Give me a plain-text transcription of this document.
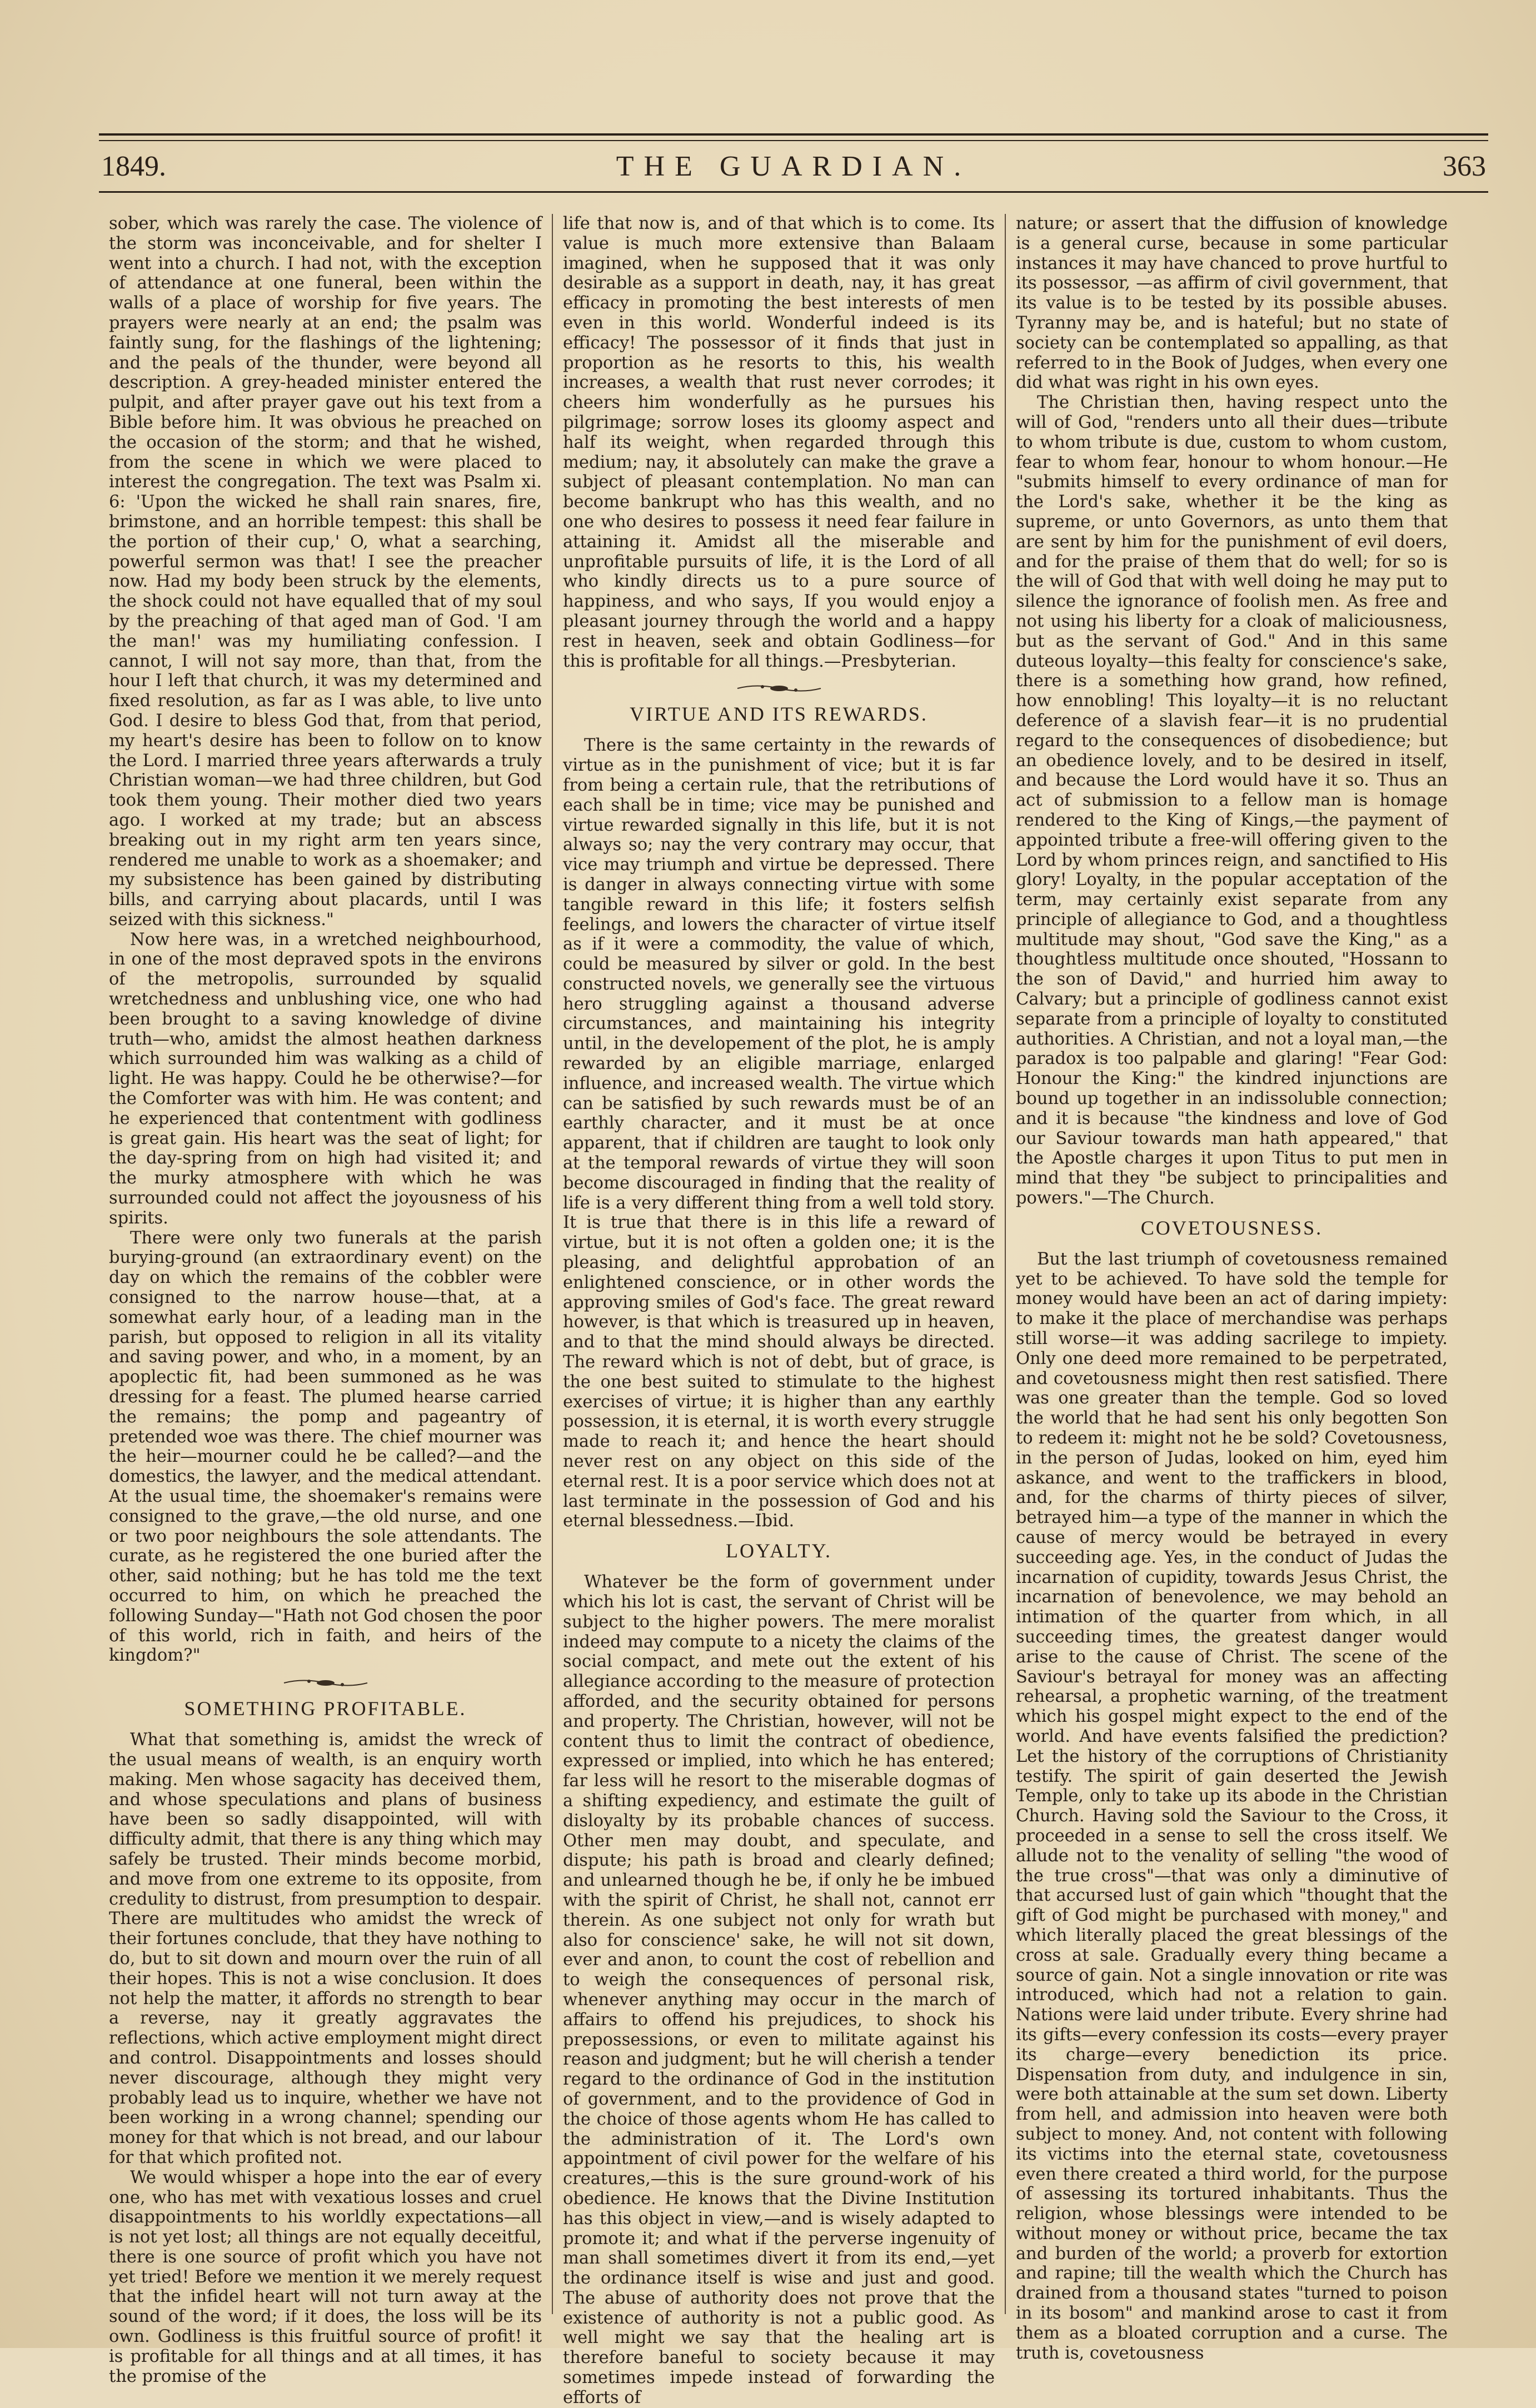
1849.	THE GUARDIAN.	363

sober, which was rarely the case. The violence of the storm was inconceivable, and for shelter I went into a church. I had not, with the exception of attendance at one funeral, been within the walls of a place of worship for five years. The prayers were nearly at an end; the psalm was faintly sung, for the flashings of the lightening; and the peals of the thunder, were beyond all description. A grey-headed minister entered the pulpit, and after prayer gave out his text from a Bible before him. It was obvious he preached on the occasion of the storm; and that he wished, from the scene in which we were placed to interest the congregation. The text was Psalm xi. 6: 'Upon the wicked he shall rain snares, fire, brimstone, and an horrible tempest: this shall be the portion of their cup,' O, what a searching, powerful sermon was that! I see the preacher now. Had my body been struck by the elements, the shock could not have equalled that of my soul by the preaching of that aged man of God. 'I am the man!' was my humiliating confession. I cannot, I will not say more, than that, from the hour I left that church, it was my determined and fixed resolution, as far as I was able, to live unto God. I desire to bless God that, from that period, my heart's desire has been to follow on to know the Lord. I married three years afterwards a truly Christian woman—we had three children, but God took them young. Their mother died two years ago. I worked at my trade; but an abscess breaking out in my right arm ten years since, rendered me unable to work as a shoemaker; and my subsistence has been gained by distributing bills, and carrying about placards, until I was seized with this sickness."

Now here was, in a wretched neighbourhood, in one of the most depraved spots in the environs of the metropolis, surrounded by squalid wretchedness and unblushing vice, one who had been brought to a saving knowledge of divine truth—who, amidst the almost heathen darkness which surrounded him was walking as a child of light. He was happy. Could he be otherwise?—for the Comforter was with him. He was content; and he experienced that contentment with godliness is great gain. His heart was the seat of light; for the day-spring from on high had visited it; and the murky atmosphere with which he was surrounded could not affect the joyousness of his spirits.

There were only two funerals at the parish burying-ground (an extraordinary event) on the day on which the remains of the cobbler were consigned to the narrow house—that, at a somewhat early hour, of a leading man in the parish, but opposed to religion in all its vitality and saving power, and who, in a moment, by an apoplectic fit, had been summoned as he was dressing for a feast. The plumed hearse carried the remains; the pomp and pageantry of pretended woe was there. The chief mourner was the heir—mourner could he be called?—and the domestics, the lawyer, and the medical attendant. At the usual time, the shoemaker's remains were consigned to the grave,—the old nurse, and one or two poor neighbours the sole attendants. The curate, as he registered the one buried after the other, said nothing; but he has told me the text occurred to him, on which he preached the following Sunday—"Hath not God chosen the poor of this world, rich in faith, and heirs of the kingdom?"

SOMETHING PROFITABLE.

What that something is, amidst the wreck of the usual means of wealth, is an enquiry worth making. Men whose sagacity has deceived them, and whose speculations and plans of business have been so sadly disappointed, will with difficulty admit, that there is any thing which may safely be trusted. Their minds become morbid, and move from one extreme to its opposite, from credulity to distrust, from presumption to despair. There are multitudes who amidst the wreck of their fortunes conclude, that they have nothing to do, but to sit down and mourn over the ruin of all their hopes. This is not a wise conclusion. It does not help the matter, it affords no strength to bear a reverse, nay it greatly aggravates the reflections, which active employment might direct and control. Disappointments and losses should never discourage, although they might very probably lead us to inquire, whether we have not been working in a wrong channel; spending our money for that which is not bread, and our labour for that which profited not.

We would whisper a hope into the ear of every one, who has met with vexatious losses and cruel disappointments to his worldly expectations—all is not yet lost; all things are not equally deceitful, there is one source of profit which you have not yet tried! Before we mention it we merely request that the infidel heart will not turn away at the sound of the word; if it does, the loss will be its own. Godliness is this fruitful source of profit! it is profitable for all things and at all times, it has the promise of the

life that now is, and of that which is to come. Its value is much more extensive than Balaam imagined, when he supposed that it was only desirable as a support in death, nay, it has great efficacy in promoting the best interests of men even in this world. Wonderful indeed is its efficacy! The possessor of it finds that just in proportion as he resorts to this, his wealth increases, a wealth that rust never corrodes; it cheers him wonderfully as he pursues his pilgrimage; sorrow loses its gloomy aspect and half its weight, when regarded through this medium; nay, it absolutely can make the grave a subject of pleasant contemplation. No man can become bankrupt who has this wealth, and no one who desires to possess it need fear failure in attaining it. Amidst all the miserable and unprofitable pursuits of life, it is the Lord of all who kindly directs us to a pure source of happiness, and who says, If you would enjoy a pleasant journey through the world and a happy rest in heaven, seek and obtain Godliness—for this is profitable for all things.—Presbyterian.

VIRTUE AND ITS REWARDS.

There is the same certainty in the rewards of virtue as in the punishment of vice; but it is far from being a certain rule, that the retributions of each shall be in time; vice may be punished and virtue rewarded signally in this life, but it is not always so; nay the very contrary may occur, that vice may triumph and virtue be depressed. There is danger in always connecting virtue with some tangible reward in this life; it fosters selfish feelings, and lowers the character of virtue itself as if it were a commodity, the value of which, could be measured by silver or gold. In the best constructed novels, we generally see the virtuous hero struggling against a thousand adverse circumstances, and maintaining his integrity until, in the developement of the plot, he is amply rewarded by an eligible marriage, enlarged influence, and increased wealth. The virtue which can be satisfied by such rewards must be of an earthly character, and it must be at once apparent, that if children are taught to look only at the temporal rewards of virtue they will soon become discouraged in finding that the reality of life is a very different thing from a well told story. It is true that there is in this life a reward of virtue, but it is not often a golden one; it is the pleasing, and delightful approbation of an enlightened conscience, or in other words the approving smiles of God's face. The great reward however, is that which is treasured up in heaven, and to that the mind should always be directed. The reward which is not of debt, but of grace, is the one best suited to stimulate to the highest exercises of virtue; it is higher than any earthly possession, it is eternal, it is worth every struggle made to reach it; and hence the heart should never rest on any object on this side of the eternal rest. It is a poor service which does not at last terminate in the possession of God and his eternal blessedness.—Ibid.

LOYALTY.

Whatever be the form of government under which his lot is cast, the servant of Christ will be subject to the higher powers. The mere moralist indeed may compute to a nicety the claims of the social compact, and mete out the extent of his allegiance according to the measure of protection afforded, and the security obtained for persons and property. The Christian, however, will not be content thus to limit the contract of obedience, expressed or implied, into which he has entered; far less will he resort to the miserable dogmas of a shifting expediency, and estimate the guilt of disloyalty by its probable chances of success. Other men may doubt, and speculate, and dispute; his path is broad and clearly defined; and unlearned though he be, if only he be imbued with the spirit of Christ, he shall not, cannot err therein. As one subject not only for wrath but also for conscience' sake, he will not sit down, ever and anon, to count the cost of rebellion and to weigh the consequences of personal risk, whenever anything may occur in the march of affairs to offend his prejudices, to shock his prepossessions, or even to militate against his reason and judgment; but he will cherish a tender regard to the ordinance of God in the institution of government, and to the providence of God in the choice of those agents whom He has called to the administration of it. The Lord's own appointment of civil power for the welfare of his creatures,—this is the sure ground-work of his obedience. He knows that the Divine Institution has this object in view,—and is wisely adapted to promote it; and what if the perverse ingenuity of man shall sometimes divert it from its end,—yet the ordinance itself is wise and just and good. The abuse of authority does not prove that the existence of authority is not a public good. As well might we say that the healing art is therefore baneful to society because it may sometimes impede instead of forwarding the efforts of

nature; or assert that the diffusion of knowledge is a general curse, because in some particular instances it may have chanced to prove hurtful to its possessor, —as affirm of civil government, that its value is to be tested by its possible abuses. Tyranny may be, and is hateful; but no state of society can be contemplated so appalling, as that referred to in the Book of Judges, when every one did what was right in his own eyes.

The Christian then, having respect unto the will of God, "renders unto all their dues—tribute to whom tribute is due, custom to whom custom, fear to whom fear, honour to whom honour.—He "submits himself to every ordinance of man for the Lord's sake, whether it be the king as supreme, or unto Governors, as unto them that are sent by him for the punishment of evil doers, and for the praise of them that do well; for so is the will of God that with well doing he may put to silence the ignorance of foolish men. As free and not using his liberty for a cloak of maliciousness, but as the servant of God." And in this same duteous loyalty—this fealty for conscience's sake, there is a something how grand, how refined, how ennobling! This loyalty—it is no reluctant deference of a slavish fear—it is no prudential regard to the consequences of disobedience; but an obedience lovely, and to be desired in itself, and because the Lord would have it so. Thus an act of submission to a fellow man is homage rendered to the King of Kings,—the payment of appointed tribute a free-will offering given to the Lord by whom princes reign, and sanctified to His glory! Loyalty, in the popular acceptation of the term, may certainly exist separate from any principle of allegiance to God, and a thoughtless multitude may shout, "God save the King," as a thoughtless multitude once shouted, "Hossann to the son of David," and hurried him away to Calvary; but a principle of godliness cannot exist separate from a principle of loyalty to constituted authorities. A Christian, and not a loyal man,—the paradox is too palpable and glaring! "Fear God: Honour the King:" the kindred injunctions are bound up together in an indissoluble connection; and it is because "the kindness and love of God our Saviour towards man hath appeared," that the Apostle charges it upon Titus to put men in mind that they "be subject to principalities and powers."—The Church.

COVETOUSNESS.

But the last triumph of covetousness remained yet to be achieved. To have sold the temple for money would have been an act of daring impiety: to make it the place of merchandise was perhaps still worse—it was adding sacrilege to impiety. Only one deed more remained to be perpetrated, and covetousness might then rest satisfied. There was one greater than the temple. God so loved the world that he had sent his only begotten Son to redeem it: might not he be sold? Covetousness, in the person of Judas, looked on him, eyed him askance, and went to the traffickers in blood, and, for the charms of thirty pieces of silver, betrayed him—a type of the manner in which the cause of mercy would be betrayed in every succeeding age. Yes, in the conduct of Judas the incarnation of cupidity, towards Jesus Christ, the incarnation of benevolence, we may behold an intimation of the quarter from which, in all succeeding times, the greatest danger would arise to the cause of Christ. The scene of the Saviour's betrayal for money was an affecting rehearsal, a prophetic warning, of the treatment which his gospel might expect to the end of the world. And have events falsified the prediction? Let the history of the corruptions of Christianity testify. The spirit of gain deserted the Jewish Temple, only to take up its abode in the Christian Church. Having sold the Saviour to the Cross, it proceeded in a sense to sell the cross itself. We allude not to the venality of selling "the wood of the true cross"—that was only a diminutive of that accursed lust of gain which "thought that the gift of God might be purchased with money," and which literally placed the great blessings of the cross at sale. Gradually every thing became a source of gain. Not a single innovation or rite was introduced, which had not a relation to gain. Nations were laid under tribute. Every shrine had its gifts—every confession its costs—every prayer its charge—every benediction its price. Dispensation from duty, and indulgence in sin, were both attainable at the sum set down. Liberty from hell, and admission into heaven were both subject to money. And, not content with following its victims into the eternal state, covetousness even there created a third world, for the purpose of assessing its tortured inhabitants. Thus the religion, whose blessings were intended to be without money or without price, became the tax and burden of the world; a proverb for extortion and rapine; till the wealth which the Church has drained from a thousand states "turned to poison in its bosom" and mankind arose to cast it from them as a bloated corruption and a curse. The truth is, covetousness
